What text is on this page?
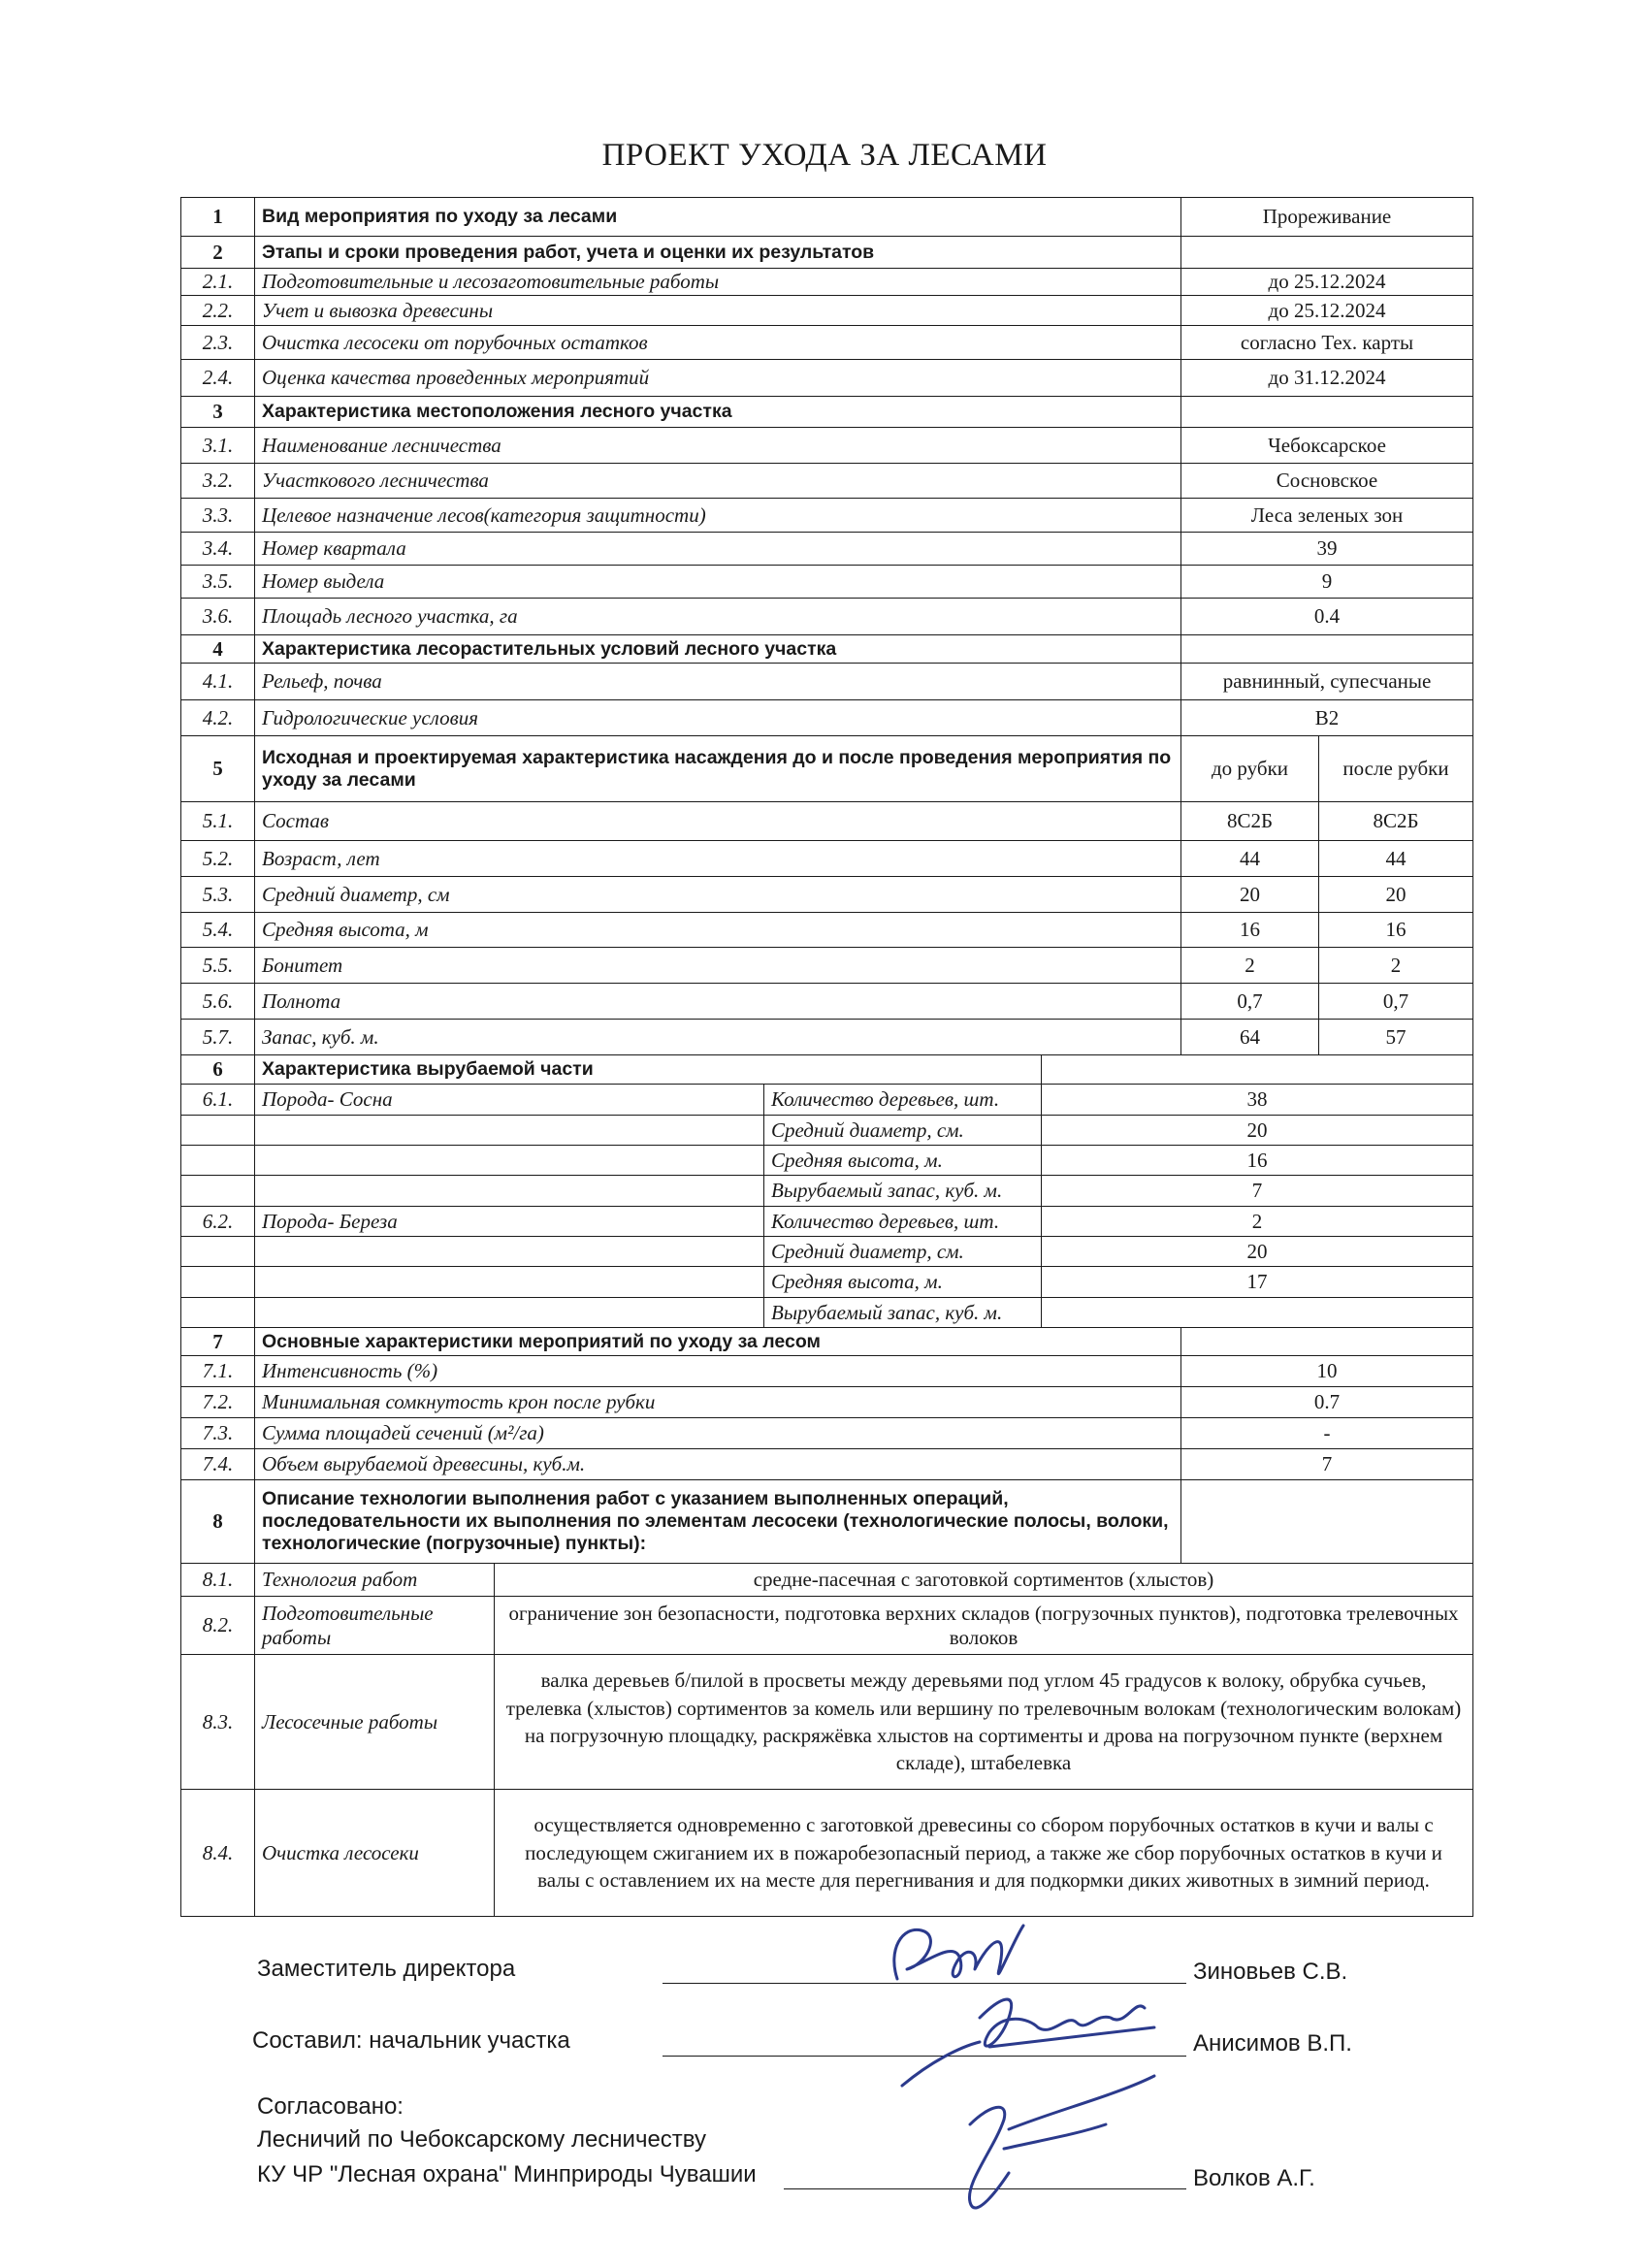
ПРОЕКТ УХОДА ЗА ЛЕСАМИ
1	Вид мероприятия по уходу за лесами				Прореживание	
2	Этапы и сроки проведения работ, учета и оценки их результатов					
2.1.	Подготовительные и лесозаготовительные работы				до 25.12.2024	
2.2.	Учет и вывозка древесины				до 25.12.2024	
2.3.	Очистка лесосеки от порубочных остатков				согласно Тех. карты	
2.4.	Оценка качества проведенных мероприятий				до 31.12.2024	
3	Характеристика местоположения лесного участка					
3.1.	Наименование лесничества				Чебоксарское	
3.2.	Участкового лесничества				Сосновское	
3.3.	Целевое назначение лесов(категория защитности)				Леса зеленых зон	
3.4.	Номер квартала				39	
3.5.	Номер выдела				9	
3.6.	Площадь лесного участка, га				0.4	
4	Характеристика лесорастительных условий лесного участка					
4.1.	Рельеф, почва				равнинный, супесчаные	
4.2.	Гидрологические условия				В2	
5	Исходная и проектируемая характеристика насаждения до и после проведения мероприятия по уходу за лесами				до рубки	после рубки
5.1.	Состав				8С2Б	8С2Б
5.2.	Возраст, лет				44	44
5.3.	Средний диаметр, см				20	20
5.4.	Средняя высота, м				16	16
5.5.	Бонитет				2	2
5.6.	Полнота				0,7	0,7
5.7.	Запас, куб. м.				64	57
6	Характеристика вырубаемой части					
6.1.	Порода- Сосна		Количество деревьев, шт.	38		
			Средний диаметр, см.	20		
			Средняя высота, м.	16		
			Вырубаемый запас, куб. м.	7		
6.2.	Порода- Береза		Количество деревьев, шт.	2		
			Средний диаметр, см.	20		
			Средняя высота, м.	17		
			Вырубаемый запас, куб. м.			
7	Основные характеристики мероприятий по уходу за лесом					
7.1.	Интенсивность (%)				10	
7.2.	Минимальная сомкнутость крон после рубки				0.7	
7.3.	Сумма площадей сечений (м²/га)				-	
7.4.	Объем вырубаемой древесины, куб.м.				7	
8	Описание технологии выполнения работ с указанием выполненных операций, последовательности их выполнения по элементам лесосеки (технологические полосы, волоки, технологические (погрузочные) пункты):					
8.1.	Технология работ	средне-пасечная с заготовкой сортиментов (хлыстов)				
8.2.	Подготовительные работы	ограничение зон безопасности, подготовка верхних складов (погрузочных пунктов), подготовка трелевочных волоков				
8.3.	Лесосечные работы	валка деревьев б/пилой в просветы между деревьями под углом 45 градусов к волоку, обрубка сучьев, трелевка (хлыстов) сортиментов за комель или вершину по трелевочным волокам (технологическим волокам) на погрузочную площадку, раскряжёвка хлыстов на сортименты и дрова на погрузочном пункте (верхнем складе), штабелевка				
8.4.	Очистка лесосеки	осуществляется одновременно с заготовкой древесины со сбором порубочных остатков в кучи и валы с последующем сжиганием их в пожаробезопасный период, а также же сбор порубочных остатков в кучи и валы с оставлением их на месте для перегнивания и для подкормки диких животных в зимний период.				
Заместитель директора	Зиновьев С.В.
Составил: начальник участка	Анисимов В.П.
Согласовано:
Лесничий по Чебоксарскому лесничеству
КУ ЧР "Лесная охрана" Минприроды Чувашии	Волков А.Г.
